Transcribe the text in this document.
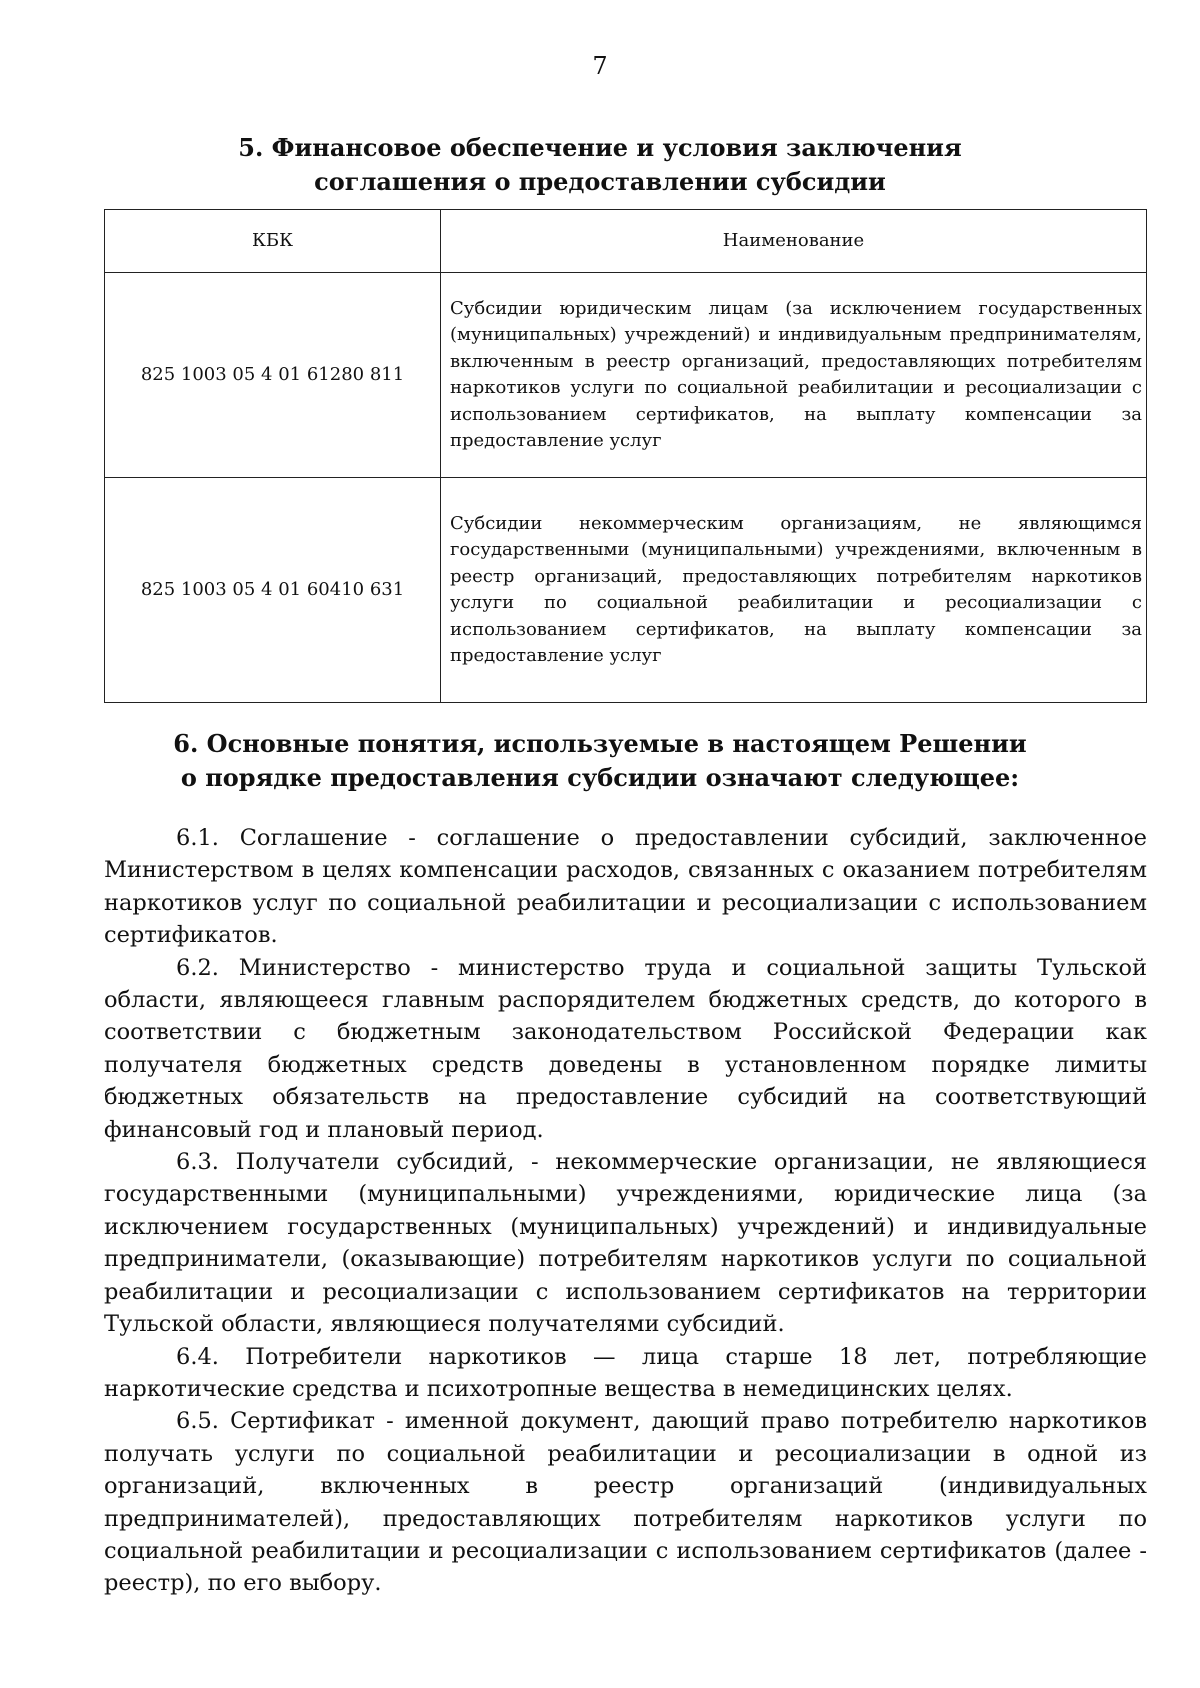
7
5. Финансовое обеспечение и условия заключения
соглашения о предоставлении субсидии
КБК	Наименование
825 1003 05 4 01 61280 811	Субсидии юридическим лицам (за исключением государственных (муниципальных) учреждений) и индивидуальным предпринимателям, включенным в реестр организаций, предоставляющих потребителям наркотиков услуги по социальной реабилитации и ресоциализации с использованием сертификатов, на выплату компенсации за предоставление услуг
825 1003 05 4 01 60410 631	Субсидии некоммерческим организациям, не являющимся государственными (муниципальными) учреждениями, включенным в реестр организаций, предоставляющих потребителям наркотиков услуги по социальной реабилитации и ресоциализации с использованием сертификатов, на выплату компенсации за предоставление услуг
6. Основные понятия, используемые в настоящем Решении
о порядке предоставления субсидии означают следующее:

6.1. Соглашение - соглашение о предоставлении субсидий, заключенное Министерством в целях компенсации расходов, связанных с оказанием потребителям наркотиков услуг по социальной реабилитации и ресоциализации с использованием сертификатов.

6.2. Министерство - министерство труда и социальной защиты Тульской области, являющееся главным распорядителем бюджетных средств, до которого в соответствии с бюджетным законодательством Российской Федерации как получателя бюджетных средств доведены в установленном порядке лимиты бюджетных обязательств на предоставление субсидий на соответствующий финансовый год и плановый период.

6.3. Получатели субсидий, - некоммерческие организации, не являющиеся государственными (муниципальными) учреждениями, юридические лица (за исключением государственных (муниципальных) учреждений) и индивидуальные предприниматели, (оказывающие) потребителям наркотиков услуги по социальной реабилитации и ресоциализации с использованием сертификатов на территории Тульской области, являющиеся получателями субсидий.

6.4. Потребители наркотиков — лица старше 18 лет, потребляющие наркотические средства и психотропные вещества в немедицинских целях.

6.5. Сертификат - именной документ, дающий право потребителю наркотиков получать услуги по социальной реабилитации и ресоциализации в одной из организаций, включенных в реестр организаций (индивидуальных предпринимателей), предоставляющих потребителям наркотиков услуги по социальной реабилитации и ресоциализации с использованием сертификатов (далее - реестр), по его выбору.
